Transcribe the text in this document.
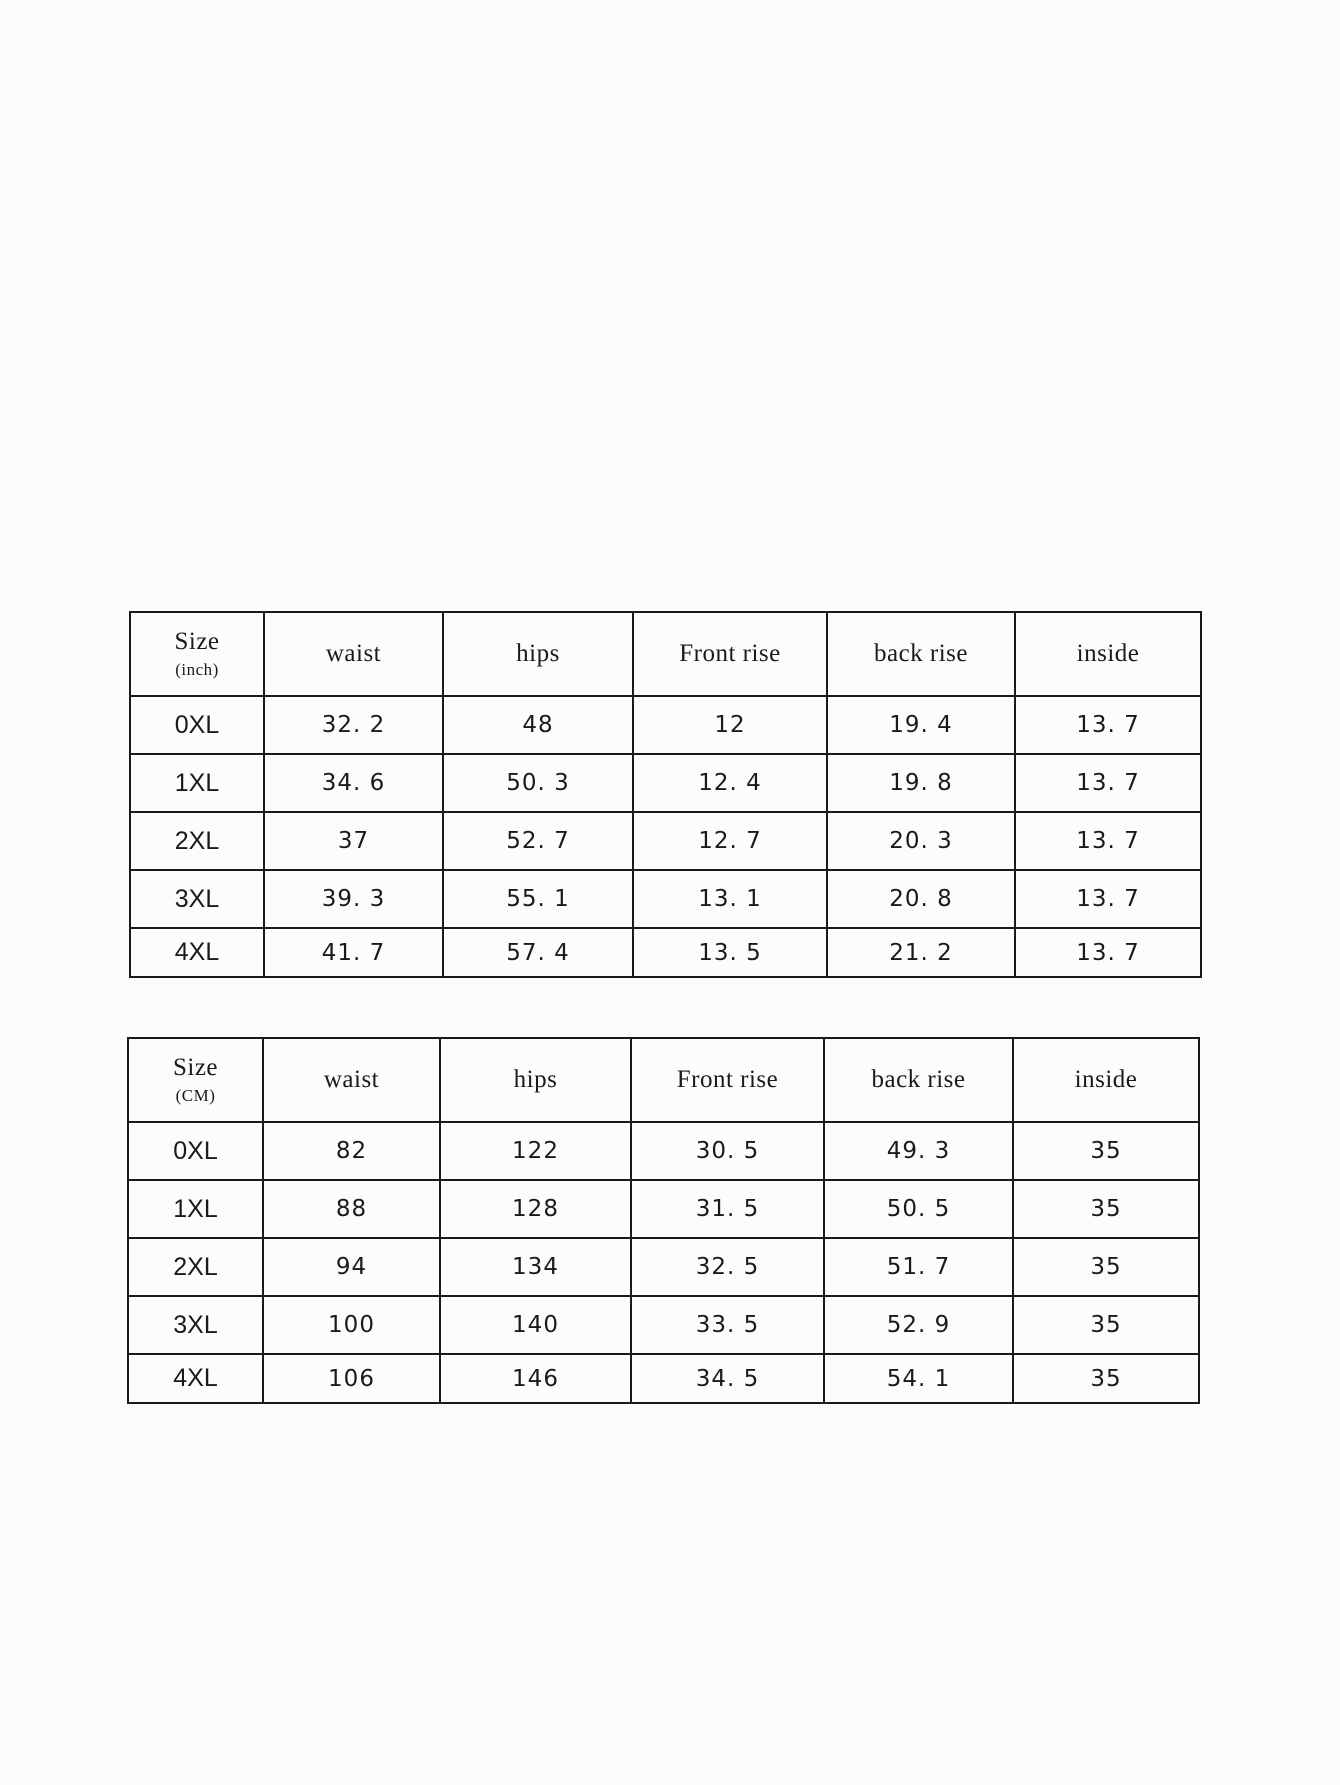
Size
(inch)	waist	hips	Front rise	back rise	inside
0XL	32. 2	48	12	19. 4	13. 7
1XL	34. 6	50. 3	12. 4	19. 8	13. 7
2XL	37	52. 7	12. 7	20. 3	13. 7
3XL	39. 3	55. 1	13. 1	20. 8	13. 7
4XL	41. 7	57. 4	13. 5	21. 2	13. 7
Size
(CM)	waist	hips	Front rise	back rise	inside
0XL	82	122	30. 5	49. 3	35
1XL	88	128	31. 5	50. 5	35
2XL	94	134	32. 5	51. 7	35
3XL	100	140	33. 5	52. 9	35
4XL	106	146	34. 5	54. 1	35
